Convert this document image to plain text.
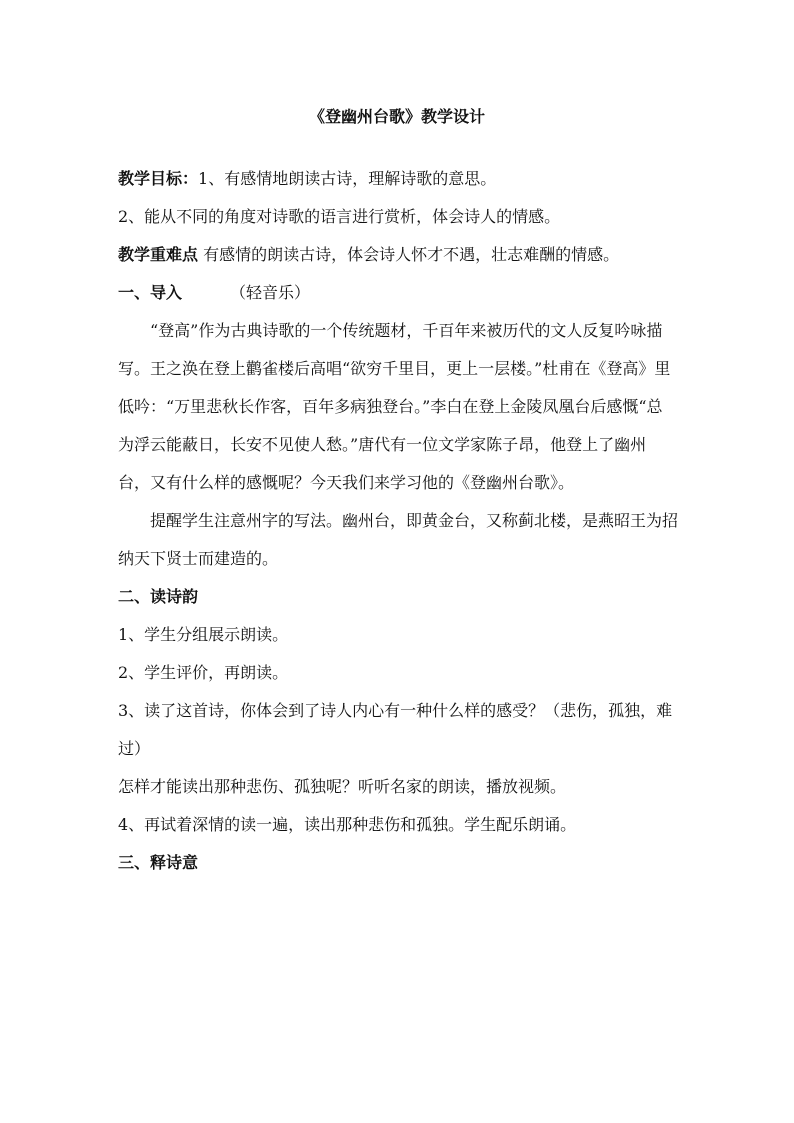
《登幽州台歌》教学设计

教学目标：1、有感情地朗读古诗，理解诗歌的意思。

2、能从不同的角度对诗歌的语言进行赏析，体会诗人的情感。

教学重难点 有感情的朗读古诗，体会诗人怀才不遇，壮志难酬的情感。

一、导入	（轻音乐）

“登高”作为古典诗歌的一个传统题材，千百年来被历代的文人反复吟咏描写。王之涣在登上鹳雀楼后高唱“欲穷千里目，更上一层楼。”杜甫在《登高》里低吟：“万里悲秋长作客，百年多病独登台。”李白在登上金陵凤凰台后感慨“总为浮云能蔽日，长安不见使人愁。”唐代有一位文学家陈子昂，他登上了幽州台，又有什么样的感慨呢？今天我们来学习他的《登幽州台歌》。

提醒学生注意州字的写法。幽州台，即黄金台，又称蓟北楼，是燕昭王为招纳天下贤士而建造的。

二、读诗韵

1、学生分组展示朗读。

2、学生评价，再朗读。

3、读了这首诗，你体会到了诗人内心有一种什么样的感受？（悲伤，孤独，难过）

怎样才能读出那种悲伤、孤独呢？听听名家的朗读，播放视频。

4、再试着深情的读一遍，读出那种悲伤和孤独。学生配乐朗诵。

三、释诗意
